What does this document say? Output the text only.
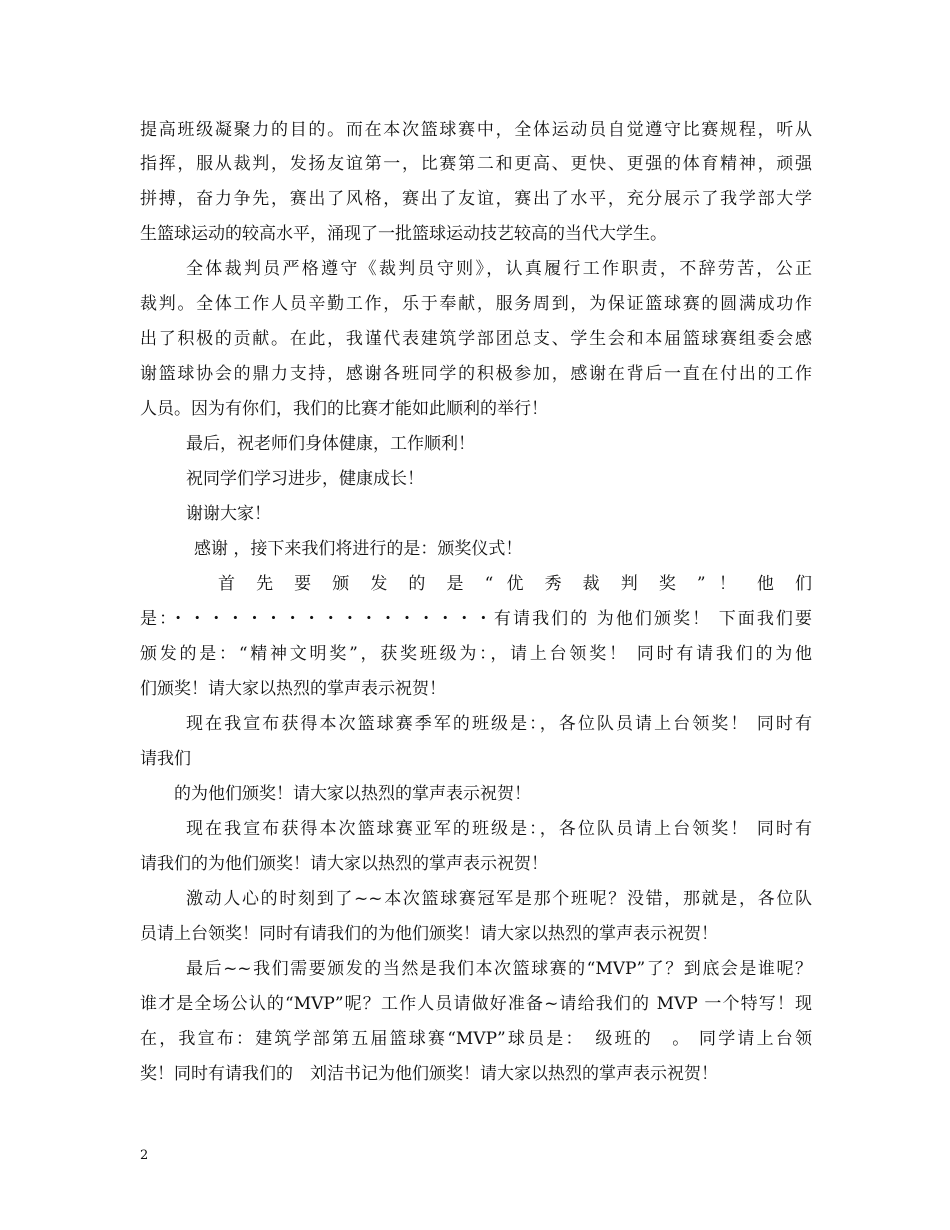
提高班级凝聚力的目的。而在本次篮球赛中，全体运动员自觉遵守比赛规程，听从
指挥，服从裁判，发扬友谊第一，比赛第二和更高、更快、更强的体育精神，顽强
拼搏，奋力争先，赛出了风格，赛出了友谊，赛出了水平，充分展示了我学部大学
生篮球运动的较高水平，涌现了一批篮球运动技艺较高的当代大学生。
全体裁判员严格遵守《裁判员守则》，认真履行工作职责，不辞劳苦，公正
裁判。全体工作人员辛勤工作，乐于奉献，服务周到，为保证篮球赛的圆满成功作
出了积极的贡献。在此，我谨代表建筑学部团总支、学生会和本届篮球赛组委会感
谢篮球协会的鼎力支持，感谢各班同学的积极参加，感谢在背后一直在付出的工作
人员。因为有你们，我们的比赛才能如此顺利的举行！
最后，祝老师们身体健康，工作顺利！
祝同学们学习进步，健康成长！
谢谢大家！
感谢 ，接下来我们将进行的是：颁奖仪式！
首 先 要 颁 发 的 是 “ 优 秀 裁 判 奖 ” ！ 他 们
是：・・・・・・・・・・・・・・・・・有请我们的 为他们颁奖！ 下面我们要
颁发的是：“精神文明奖”，获奖班级为：，请上台领奖！ 同时有请我们的为他
们颁奖！请大家以热烈的掌声表示祝贺！
现在我宣布获得本次篮球赛季军的班级是：，各位队员请上台领奖！ 同时有
请我们
的为他们颁奖！请大家以热烈的掌声表示祝贺！
现在我宣布获得本次篮球赛亚军的班级是：，各位队员请上台领奖！ 同时有
请我们的为他们颁奖！请大家以热烈的掌声表示祝贺！
激动人心的时刻到了~~本次篮球赛冠军是那个班呢？没错，那就是，各位队
员请上台领奖！同时有请我们的为他们颁奖！请大家以热烈的掌声表示祝贺！
最后~~我们需要颁发的当然是我们本次篮球赛的“MVP”了？到底会是谁呢？
谁才是全场公认的“MVP”呢？工作人员请做好准备~请给我们的 MVP 一个特写！现
在，我宣布：建筑学部第五届篮球赛“MVP”球员是：　级班的　。 同学请上台领
奖！同时有请我们的　刘洁书记为他们颁奖！请大家以热烈的掌声表示祝贺！
2
